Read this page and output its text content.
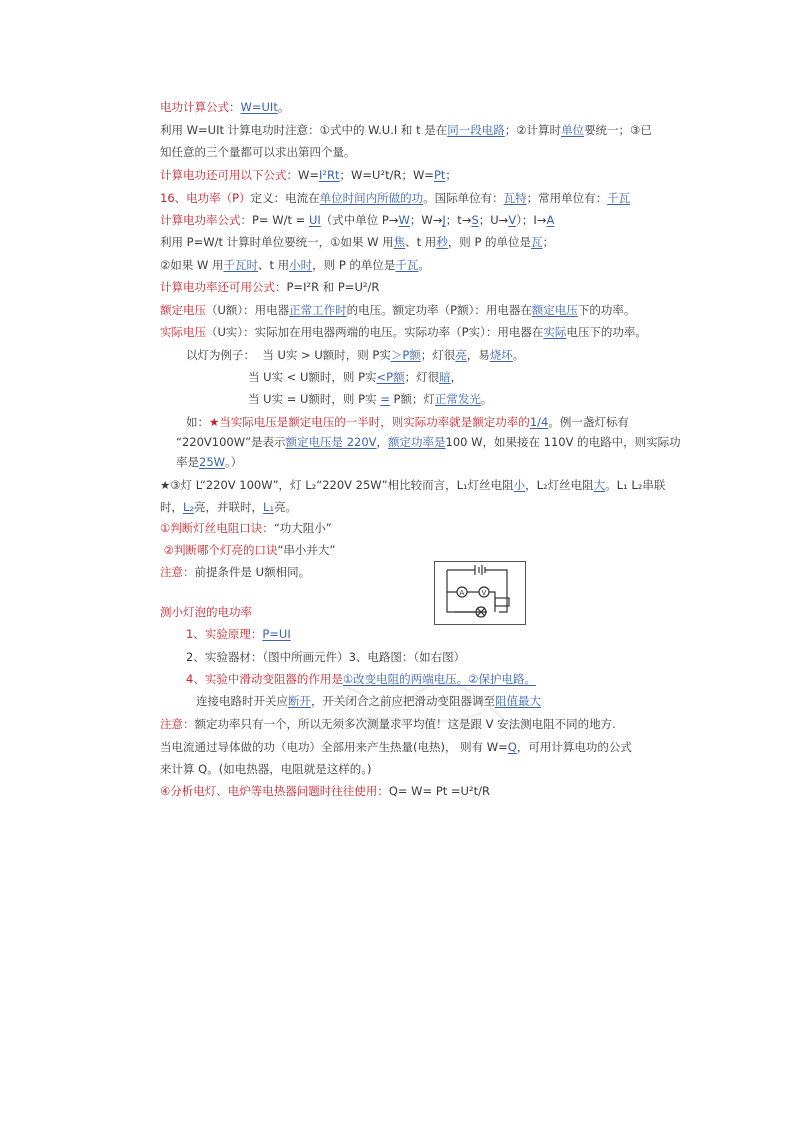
电功计算公式：W=UIt。
利用 W=UIt 计算电功时注意：①式中的 W.U.I 和 t 是在同一段电路；②计算时单位要统一；③已
知任意的三个量都可以求出第四个量。
计算电功还可用以下公式：W=I²Rt；W=U²t/R；W=Pt；
16、电功率（P）定义：电流在单位时间内所做的功。国际单位有：瓦特；常用单位有：千瓦
计算电功率公式：P= W/t = UI（式中单位 P→W；W→J；t→S；U→V）；I→A
利用 P=W/t 计算时单位要统一，①如果 W 用焦、t 用秒，则 P 的单位是瓦；
②如果 W 用千瓦时、t 用小时，则 P 的单位是千瓦。
计算电功率还可用公式：P=I²R 和 P=U²/R
额定电压（U额）：用电器正常工作时的电压。额定功率（P额）：用电器在额定电压下的功率。
实际电压（U实）：实际加在用电器两端的电压。实际功率（P实）：用电器在实际电压下的功率。
以灯为例子： 当 U实 > U额时，则 P实＞P额；灯很亮，易烧坏。
当 U实 < U额时，则 P实<P额；灯很暗，
当 U实 = U额时，则 P实 = P额；灯正常发光。
如：★当实际电压是额定电压的一半时，则实际功率就是额定功率的1/4。例一盏灯标有
“220V100W”是表示额定电压是 220V，额定功率是100 W，如果接在 110V 的电路中，则实际功
率是25W。）
★③灯 L“220V 100W”，灯 L₂“220V 25W”相比较而言，L₁灯丝电阻小，L₂灯丝电阻大。L₁ L₂串联
时，L₂亮，并联时，L₁亮。
①判断灯丝电阻口诀：“功大阻小”
②判断哪个灯亮的口诀“串小并大”
注意：前提条件是 U额相同。
A V
测小灯泡的电功率
1、实验原理：P=UI
2、实验器材：（图中所画元件）3、电路图：（如右图）
4、实验中滑动变阻器的作用是①改变电阻的两端电压。②保护电路。
连接电路时开关应断开，开关闭合之前应把滑动变阻器调至阻值最大
注意：额定功率只有一个，所以无须多次测量求平均值！这是跟 V 安法测电阻不同的地方.
当电流通过导体做的功（电功）全部用来产生热量(电热)， 则有 W=Q，可用计算电功的公式
来计算 Q。(如电热器，电阻就是这样的。)
④分析电灯、电炉等电热器问题时往往使用：Q= W= Pt =U²t/R
